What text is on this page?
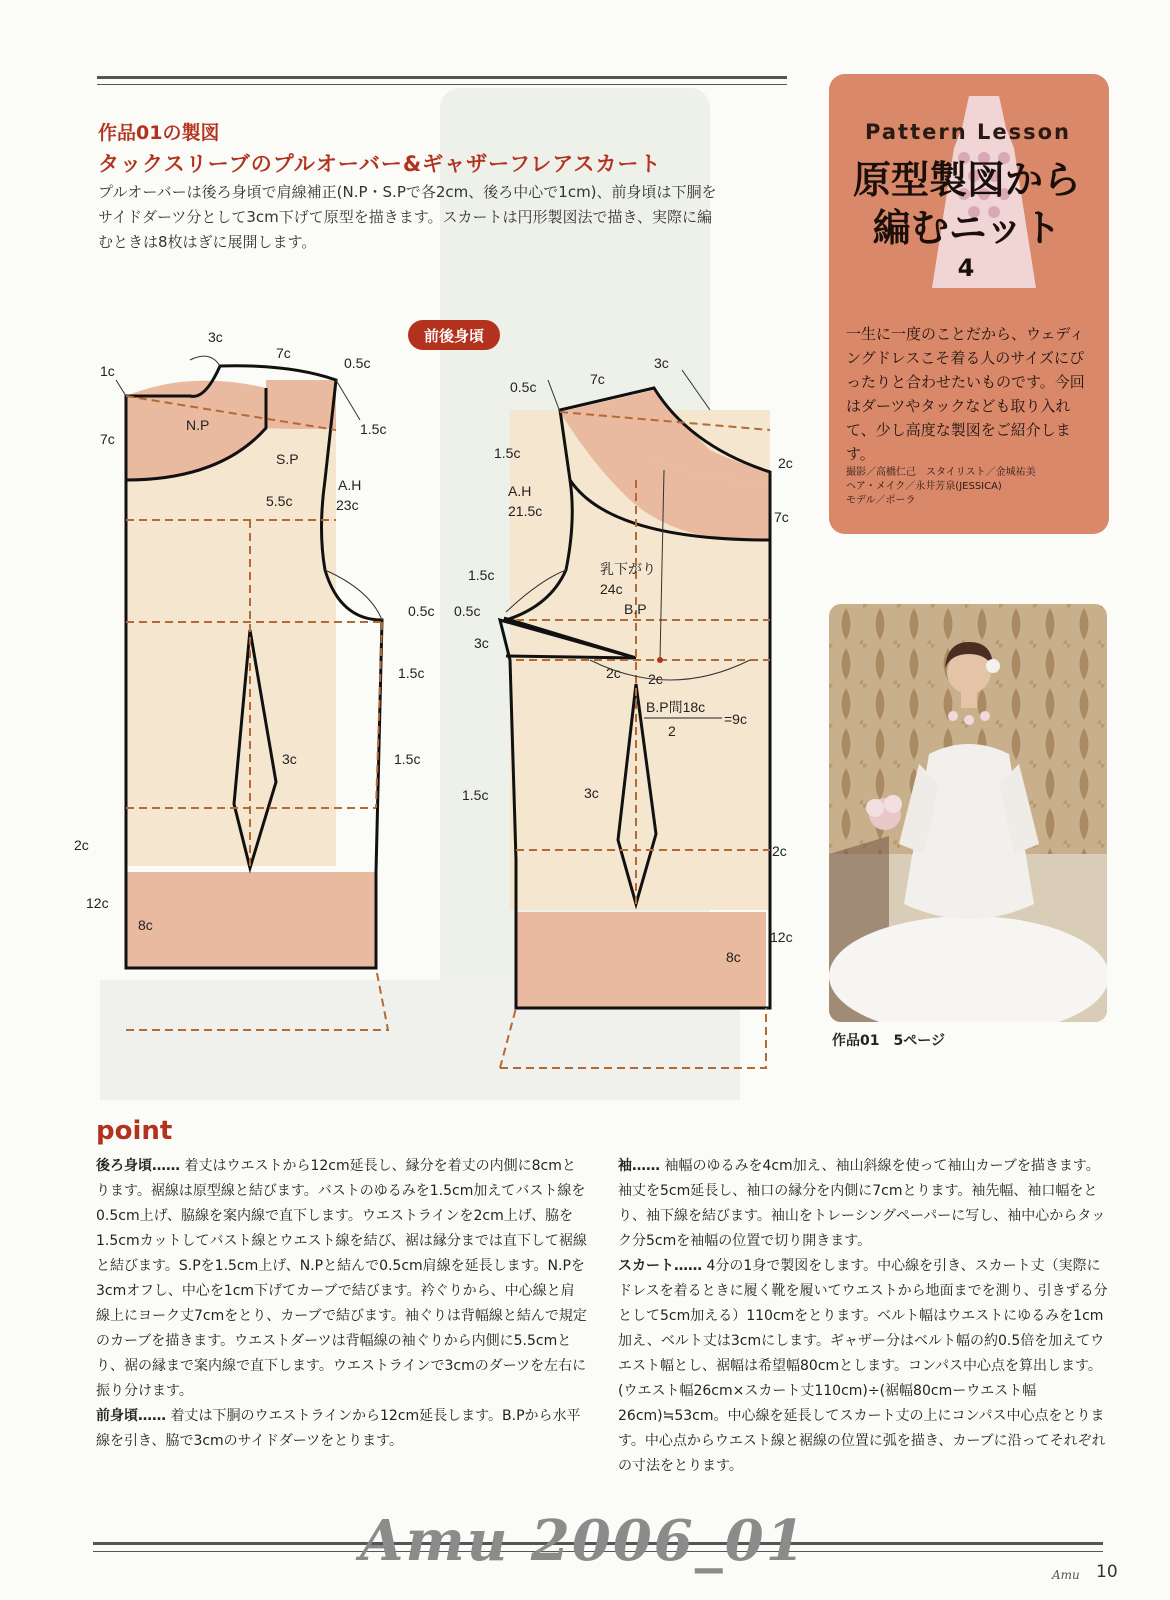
作品01の製図
タックスリーブのプルオーバー&ギャザーフレアスカート
プルオーバーは後ろ身頃で肩線補正(N.P・S.Pで各2cm、後ろ中心で1cm)、前身頃は下胴をサイドダーツ分として3cm下げて原型を描きます。スカートは円形製図法で描き、実際に編むときは8枚はぎに展開します。
Pattern Lesson
原型製図から
編むニット
4
一生に一度のことだから、ウェディングドレスこそ着る人のサイズにぴったりと合わせたいものです。今回はダーツやタックなども取り入れて、少し高度な製図をご紹介します。
撮影／高橋仁己　スタイリスト／金城祐美
ヘア・メイク／永井芳泉(JESSICA)
モデル／ポーラ
作品01　5ページ
前後身頃
3c
7c
0.5c
1c
N.P	1.5c
7c
S.P
A.H
23c
5.5c
0.5c
1.5c
3c	1.5c
2c
12c
8c
3c
7c
0.5c
1.5c
2c
A.H
21.5c	7c
乳下がり
24c
1.5c
B.P
0.5c
3c
2c 2c
B.P間18c
2
=9c
1.5c	3c
2c
12c
8c
point
後ろ身頃…… 着丈はウエストから12cm延長し、縁分を着丈の内側に8cmとります。裾線は原型線と結びます。バストのゆるみを1.5cm加えてバスト線を0.5cm上げ、脇線を案内線で直下します。ウエストラインを2cm上げ、脇を1.5cmカットしてバスト線とウエスト線を結び、裾は縁分までは直下して裾線と結びます。S.Pを1.5cm上げ、N.Pと結んで0.5cm肩線を延長します。N.Pを3cmオフし、中心を1cm下げてカーブで結びます。衿ぐりから、中心線と肩線上にヨーク丈7cmをとり、カーブで結びます。袖ぐりは背幅線と結んで規定のカーブを描きます。ウエストダーツは背幅線の袖ぐりから内側に5.5cmとり、裾の縁まで案内線で直下します。ウエストラインで3cmのダーツを左右に振り分けます。
前身頃…… 着丈は下胴のウエストラインから12cm延長します。B.Pから水平線を引き、脇で3cmのサイドダーツをとります。
袖…… 袖幅のゆるみを4cm加え、袖山斜線を使って袖山カーブを描きます。袖丈を5cm延長し、袖口の縁分を内側に7cmとります。袖先幅、袖口幅をとり、袖下線を結びます。袖山をトレーシングペーパーに写し、袖中心からタック分5cmを袖幅の位置で切り開きます。
スカート…… 4分の1身で製図をします。中心線を引き、スカート丈（実際にドレスを着るときに履く靴を履いてウエストから地面までを測り、引きずる分として5cm加える）110cmをとります。ベルト幅はウエストにゆるみを1cm加え、ベルト丈は3cmにします。ギャザー分はベルト幅の約0.5倍を加えてウエスト幅とし、裾幅は希望幅80cmとします。コンパス中心点を算出します。(ウエスト幅26cm×スカート丈110cm)÷(裾幅80cmーウエスト幅26cm)≒53cm。中心線を延長してスカート丈の上にコンパス中心点をとります。中心点からウエスト線と裾線の位置に弧を描き、カーブに沿ってそれぞれの寸法をとります。
Amu 2006_01
Amu 10
